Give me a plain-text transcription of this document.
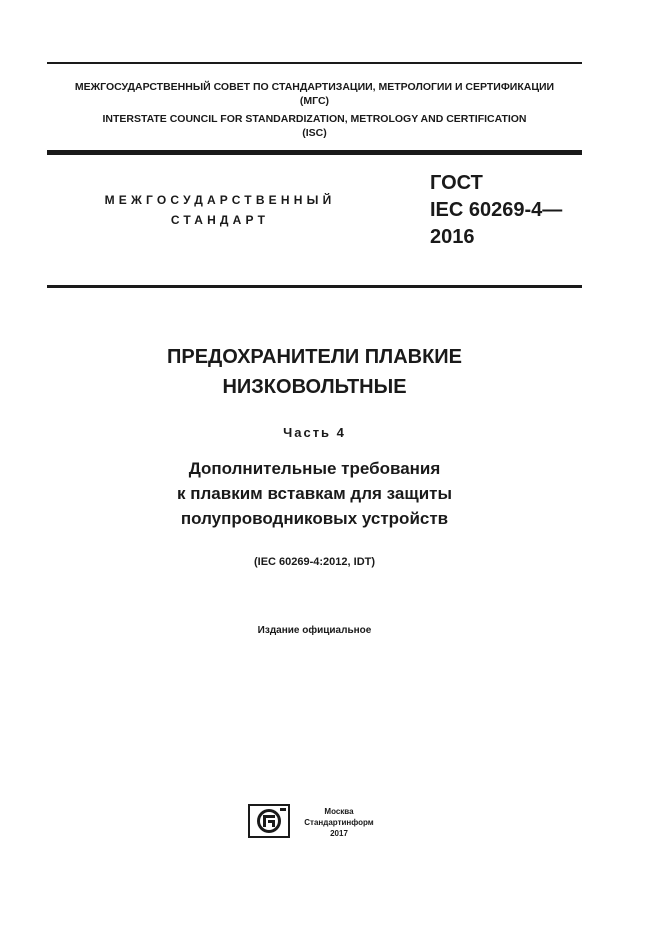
МЕЖГОСУДАРСТВЕННЫЙ СОВЕТ ПО СТАНДАРТИЗАЦИИ, МЕТРОЛОГИИ И СЕРТИФИКАЦИИ
(МГС)
INTERSTATE COUNCIL FOR STANDARDIZATION, METROLOGY AND CERTIFICATION
(ISC)
МЕЖГОСУДАРСТВЕННЫЙ
СТАНДАРТ
ГОСТ
IEC 60269-4—
2016
ПРЕДОХРАНИТЕЛИ ПЛАВКИЕ
НИЗКОВОЛЬТНЫЕ
Часть 4
Дополнительные требования
к плавким вставкам для защиты
полупроводниковых устройств
(IEC 60269-4:2012, IDT)
Издание официальное
Москва
Стандартинформ
2017
